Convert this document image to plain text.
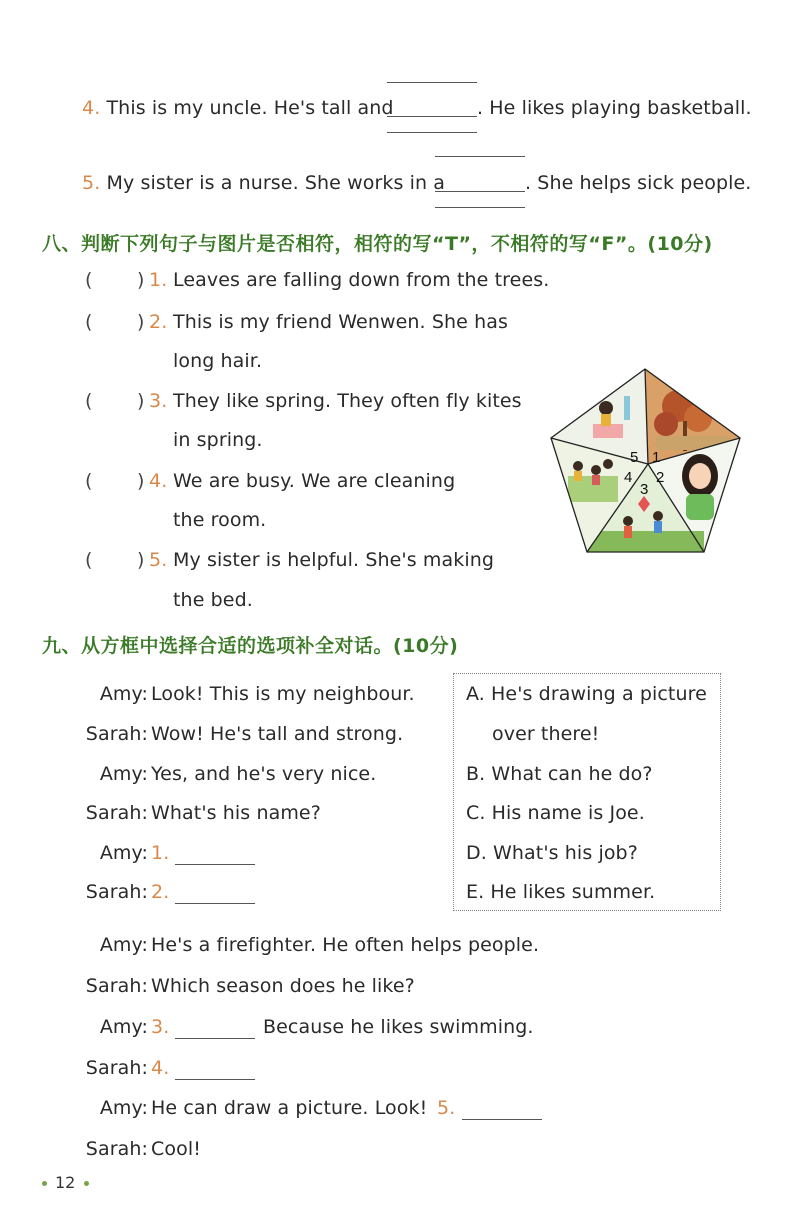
4. This is my uncle. He's tall and	. He likes playing basketball.
5. My sister is a nurse. She works in a	. She helps sick people.
八、判断下列句子与图片是否相符，相符的写“T”，不相符的写“F”。(10分)
( ) 1. Leaves are falling down from the trees.
( ) 2. This is my friend Wenwen. She has
long hair.
( ) 3. They like spring. They often fly kites
in spring.
( ) 4. We are busy. We are cleaning
the room.
( ) 5. My sister is helpful. She's making
the bed.
1
2
3
4
5
九、从方框中选择合适的选项补全对话。(10分)
Amy: Look! This is my neighbour.
Sarah: Wow! He's tall and strong.
Amy: Yes, and he's very nice.
Sarah: What's his name?
Amy: 1.
Sarah: 2.
A. He's drawing a picture
over there!
B. What can he do?
C. His name is Joe.
D. What's his job?
E. He likes summer.
Amy: He's a firefighter. He often helps people.
Sarah: Which season does he like?
Amy: 3.	Because he likes swimming.
Sarah: 4.
Amy: He can draw a picture. Look! 5.
Sarah: Cool!
12
